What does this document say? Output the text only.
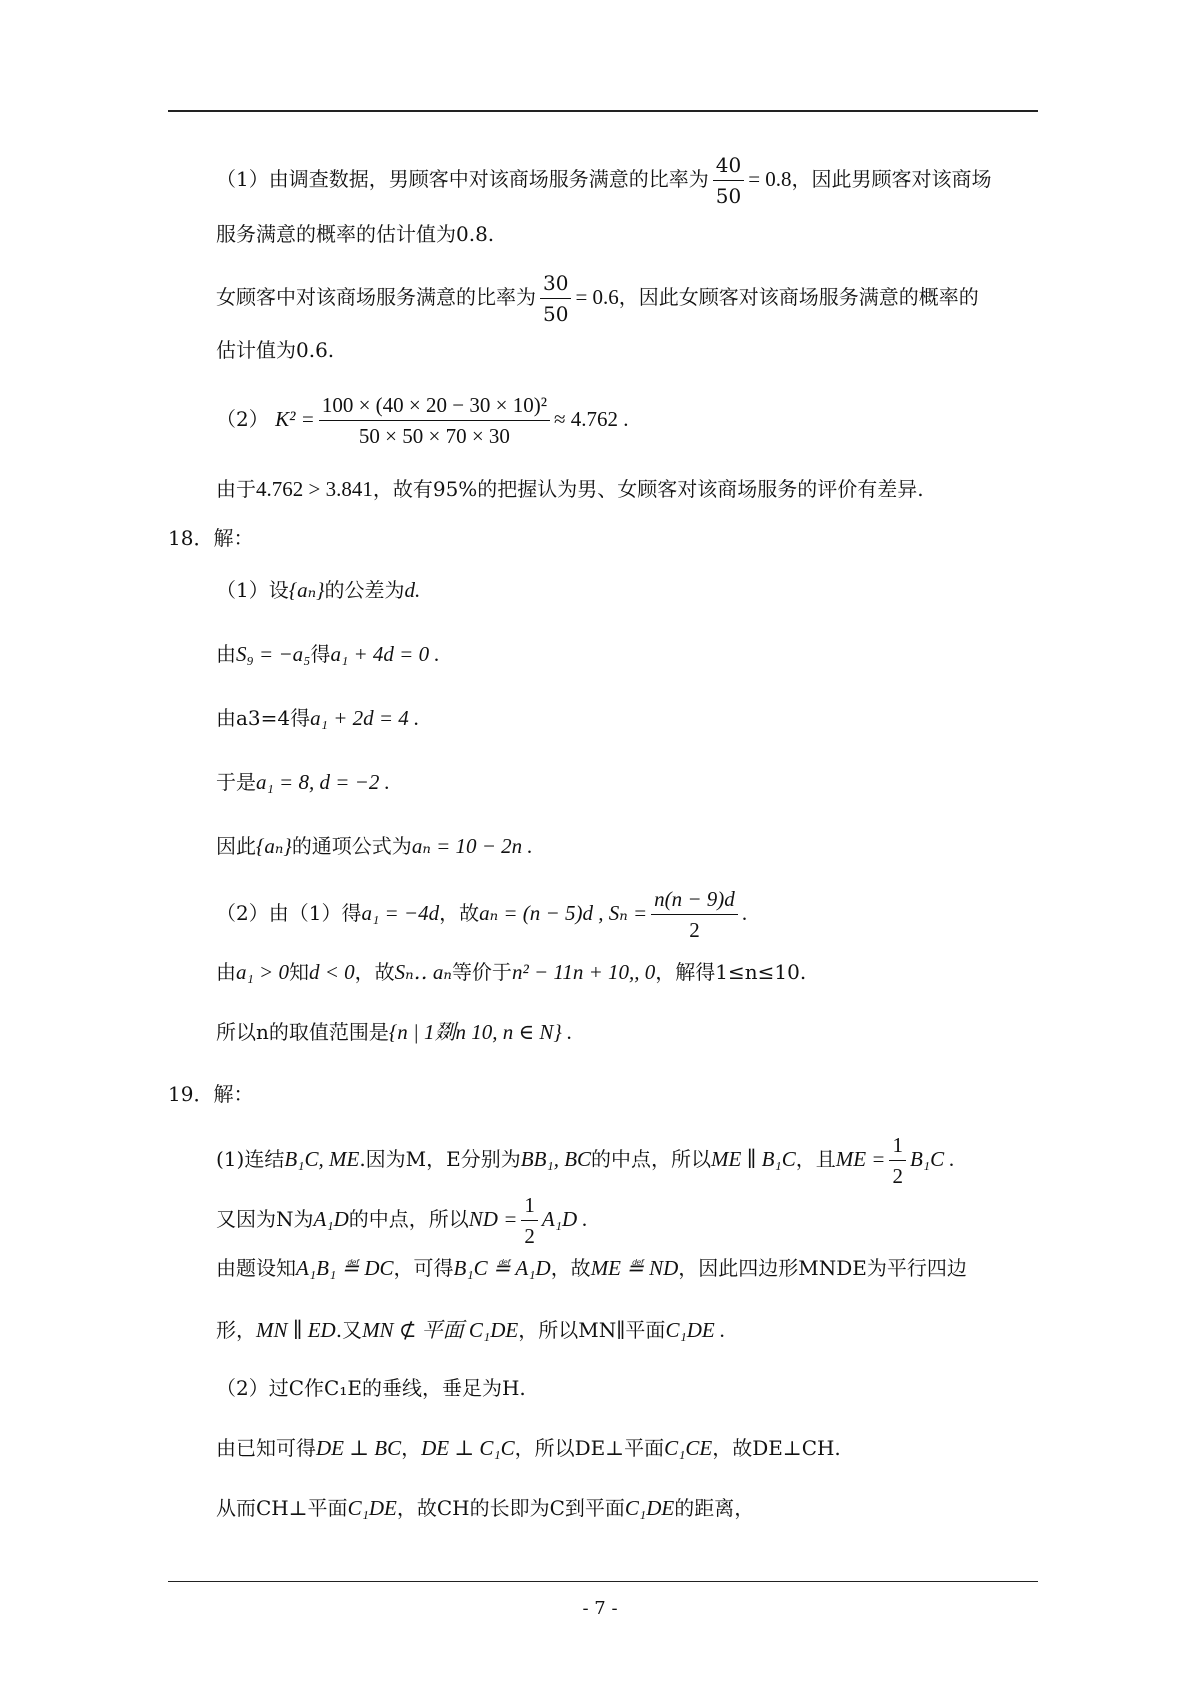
（1）由调查数据，男顾客中对该商场服务满意的比率为 $\frac{40}{50} = 0.8$，因此男顾客对该商场
服务满意的概率的估计值为0.8.
女顾客中对该商场服务满意的比率为 $\frac{30}{50} = 0.6$，因此女顾客对该商场服务满意的概率的
估计值为0.6.
（2） $K^2 = \frac{\text{100 × (40 × 20 − 30 × 10)²}}{50 \times 50 \times 70 \times 30} \approx 4.762$ .
由于4.762 > 3.841，故有95%的把握认为男、女顾客对该商场服务的评价有差异.
18．解：
（1）设{aₙ}的公差为d.
由S₉ = −a₅得a₁ + 4d = 0 .
由a3=4得a₁ + 2d = 4 .
于是a₁ = 8, d = −2 .
因此{aₙ}的通项公式为aₙ = 10 − 2n .
（2）由（1）得a₁ = −4d，故aₙ = (n − 5)d , $S_n = \frac{n(n - 9)d}{2}$ .
由a₁ > 0知d < 0，故Sₙ‥ aₙ等价于n² − 11n + 10,, 0，解得1≤n≤10.
所以n的取值范围是{n | 1剟n 10, n ∈ N} .
19．解：
(1)连结B₁C, ME.因为M，E分别为BB₁, BC的中点，所以ME ∥ B₁C，且ME = $\frac{1}{2} B_1C$ .
又因为N为A₁D的中点，所以ND = $\frac{1}{2} A_1D$ .
由题设知A₁B₁ ≝ DC，可得B₁C ≝ A₁D，故ME ≝ ND，因此四边形MNDE为平行四边
形，MN ∥ ED.又MN ⊄ 平面 C₁DE，所以MN∥平面C₁DE .
（2）过C作C₁E的垂线，垂足为H.
由已知可得DE ⊥ BC，DE ⊥ C₁C，所以DE⊥平面C₁CE，故DE⊥CH.
从而CH⊥平面C₁DE，故CH的长即为C到平面C₁DE的距离，
- 7 -
